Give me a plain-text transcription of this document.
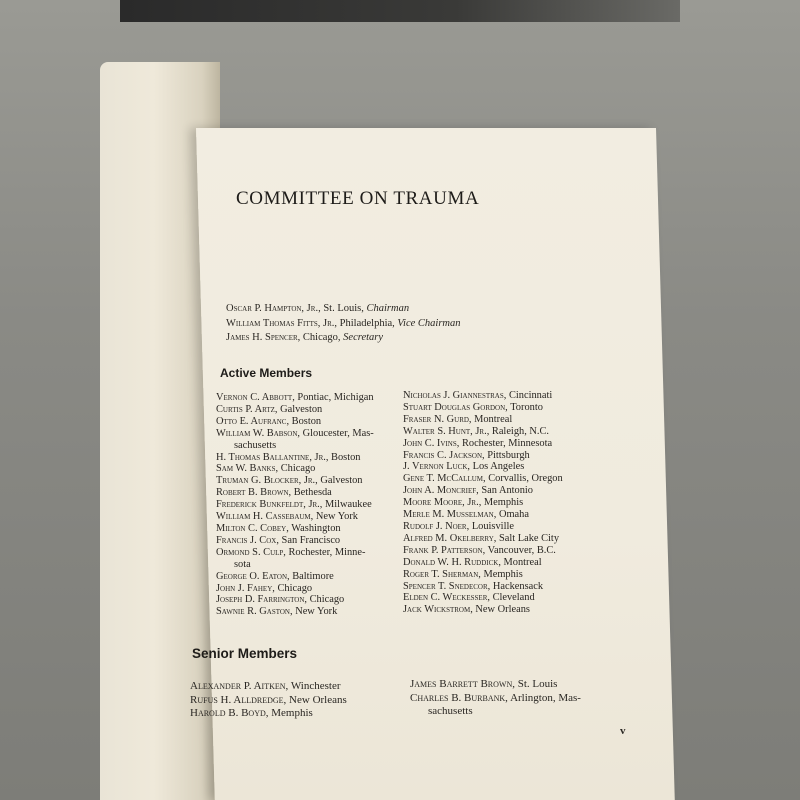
COMMITTEE ON TRAUMA
Oscar P. Hampton, Jr., St. Louis, Chairman
William Thomas Fitts, Jr., Philadelphia, Vice Chairman
James H. Spencer, Chicago, Secretary
Active Members
Vernon C. Abbott, Pontiac, Michigan
Curtis P. Artz, Galveston
Otto E. Aufranc, Boston
William W. Babson, Gloucester, Mas-
sachusetts
H. Thomas Ballantine, Jr., Boston
Sam W. Banks, Chicago
Truman G. Blocker, Jr., Galveston
Robert B. Brown, Bethesda
Frederick Bunkfeldt, Jr., Milwaukee
William H. Cassebaum, New York
Milton C. Cobey, Washington
Francis J. Cox, San Francisco
Ormond S. Culp, Rochester, Minne-
sota
George O. Eaton, Baltimore
John J. Fahey, Chicago
Joseph D. Farrington, Chicago
Sawnie R. Gaston, New York
Nicholas J. Giannestras, Cincinnati
Stuart Douglas Gordon, Toronto
Fraser N. Gurd, Montreal
Walter S. Hunt, Jr., Raleigh, N.C.
John C. Ivins, Rochester, Minnesota
Francis C. Jackson, Pittsburgh
J. Vernon Luck, Los Angeles
Gene T. McCallum, Corvallis, Oregon
John A. Moncrief, San Antonio
Moore Moore, Jr., Memphis
Merle M. Musselman, Omaha
Rudolf J. Noer, Louisville
Alfred M. Okelberry, Salt Lake City
Frank P. Patterson, Vancouver, B.C.
Donald W. H. Ruddick, Montreal
Roger T. Sherman, Memphis
Spencer T. Snedecor, Hackensack
Elden C. Weckesser, Cleveland
Jack Wickstrom, New Orleans
Senior Members
Alexander P. Aitken, Winchester
Rufus H. Alldredge, New Orleans
Harold B. Boyd, Memphis
James Barrett Brown, St. Louis
Charles B. Burbank, Arlington, Mas-
sachusetts
v
